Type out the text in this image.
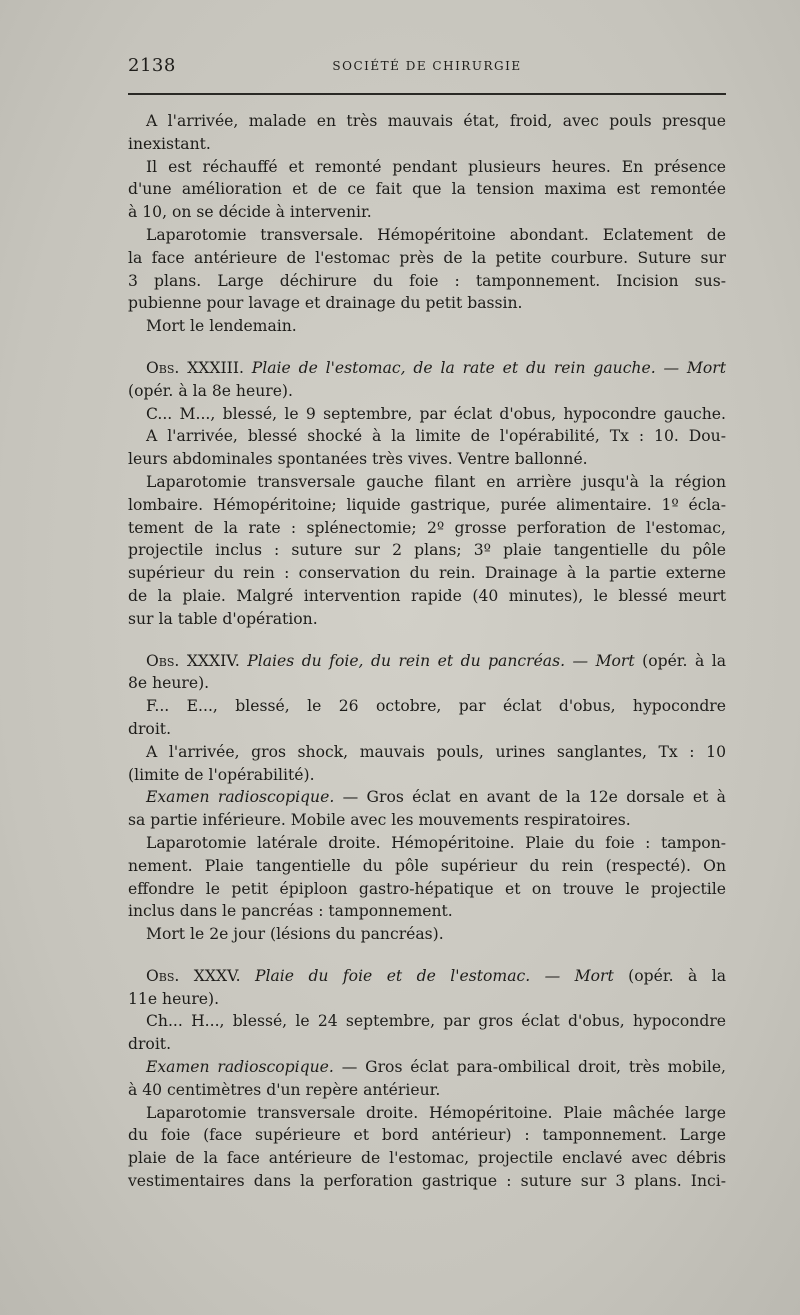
2138	SOCIÉTÉ DE CHIRURGIE
A l'arrivée, malade en très mauvais état, froid, avec pouls presque
inexistant.
Il est réchauffé et remonté pendant plusieurs heures. En présence
d'une amélioration et de ce fait que la tension maxima est remontée
à 10, on se décide à intervenir.
Laparotomie transversale. Hémopéritoine abondant. Eclatement de
la face antérieure de l'estomac près de la petite courbure. Suture sur
3 plans. Large déchirure du foie : tamponnement. Incision sus-
pubienne pour lavage et drainage du petit bassin.
Mort le lendemain.
Obs. XXXIII. Plaie de l'estomac, de la rate et du rein gauche. — Mort
(opér. à la 8e heure).
C... M..., blessé, le 9 septembre, par éclat d'obus, hypocondre gauche.
A l'arrivée, blessé shocké à la limite de l'opérabilité, Tx : 10. Dou-
leurs abdominales spontanées très vives. Ventre ballonné.
Laparotomie transversale gauche filant en arrière jusqu'à la région
lombaire. Hémopéritoine; liquide gastrique, purée alimentaire. 1º écla-
tement de la rate : splénectomie; 2º grosse perforation de l'estomac,
projectile inclus : suture sur 2 plans; 3º plaie tangentielle du pôle
supérieur du rein : conservation du rein. Drainage à la partie externe
de la plaie. Malgré intervention rapide (40 minutes), le blessé meurt
sur la table d'opération.
Obs. XXXIV. Plaies du foie, du rein et du pancréas. — Mort (opér. à la
8e heure).
F... E..., blessé, le 26 octobre, par éclat d'obus, hypocondre
droit.
A l'arrivée, gros shock, mauvais pouls, urines sanglantes, Tx : 10
(limite de l'opérabilité).
Examen radioscopique. — Gros éclat en avant de la 12e dorsale et à
sa partie inférieure. Mobile avec les mouvements respiratoires.
Laparotomie latérale droite. Hémopéritoine. Plaie du foie : tampon-
nement. Plaie tangentielle du pôle supérieur du rein (respecté). On
effondre le petit épiploon gastro-hépatique et on trouve le projectile
inclus dans le pancréas : tamponnement.
Mort le 2e jour (lésions du pancréas).
Obs. XXXV. Plaie du foie et de l'estomac. — Mort (opér. à la
11e heure).
Ch... H..., blessé, le 24 septembre, par gros éclat d'obus, hypocondre
droit.
Examen radioscopique. — Gros éclat para-ombilical droit, très mobile,
à 40 centimètres d'un repère antérieur.
Laparotomie transversale droite. Hémopéritoine. Plaie mâchée large
du foie (face supérieure et bord antérieur) : tamponnement. Large
plaie de la face antérieure de l'estomac, projectile enclavé avec débris
vestimentaires dans la perforation gastrique : suture sur 3 plans. Inci-
